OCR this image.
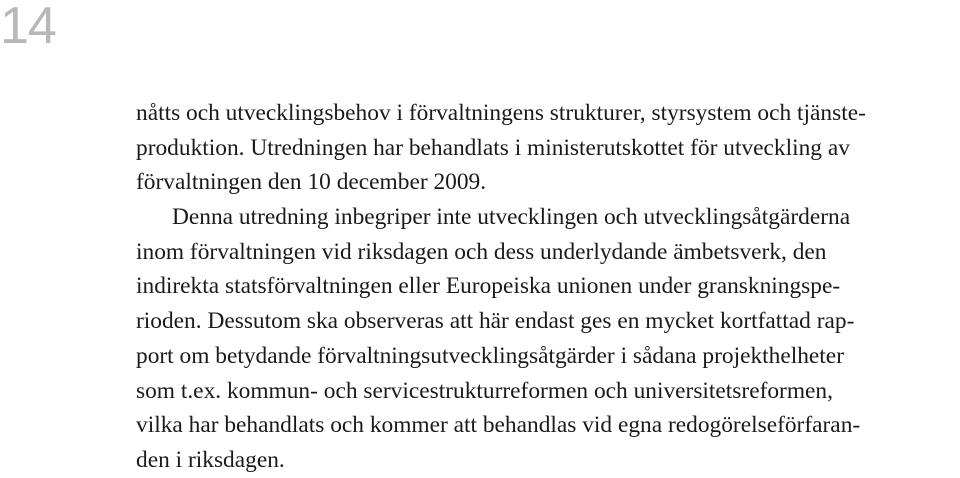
14
nåtts och utvecklingsbehov i förvaltningens strukturer, styrsystem och tjänste-
produktion. Utredningen har behandlats i ministerutskottet för utveckling av
förvaltningen den 10 december 2009.
Denna utredning inbegriper inte utvecklingen och utvecklingsåtgärderna
inom förvaltningen vid riksdagen och dess underlydande ämbetsverk, den
indirekta statsförvaltningen eller Europeiska unionen under granskningspe-
rioden. Dessutom ska observeras att här endast ges en mycket kortfattad rap-
port om betydande förvaltningsutvecklingsåtgärder i sådana projekthelheter
som t.ex. kommun- och servicestrukturreformen och universitetsreformen,
vilka har behandlats och kommer att behandlas vid egna redogörelseförfaran-
den i riksdagen.
